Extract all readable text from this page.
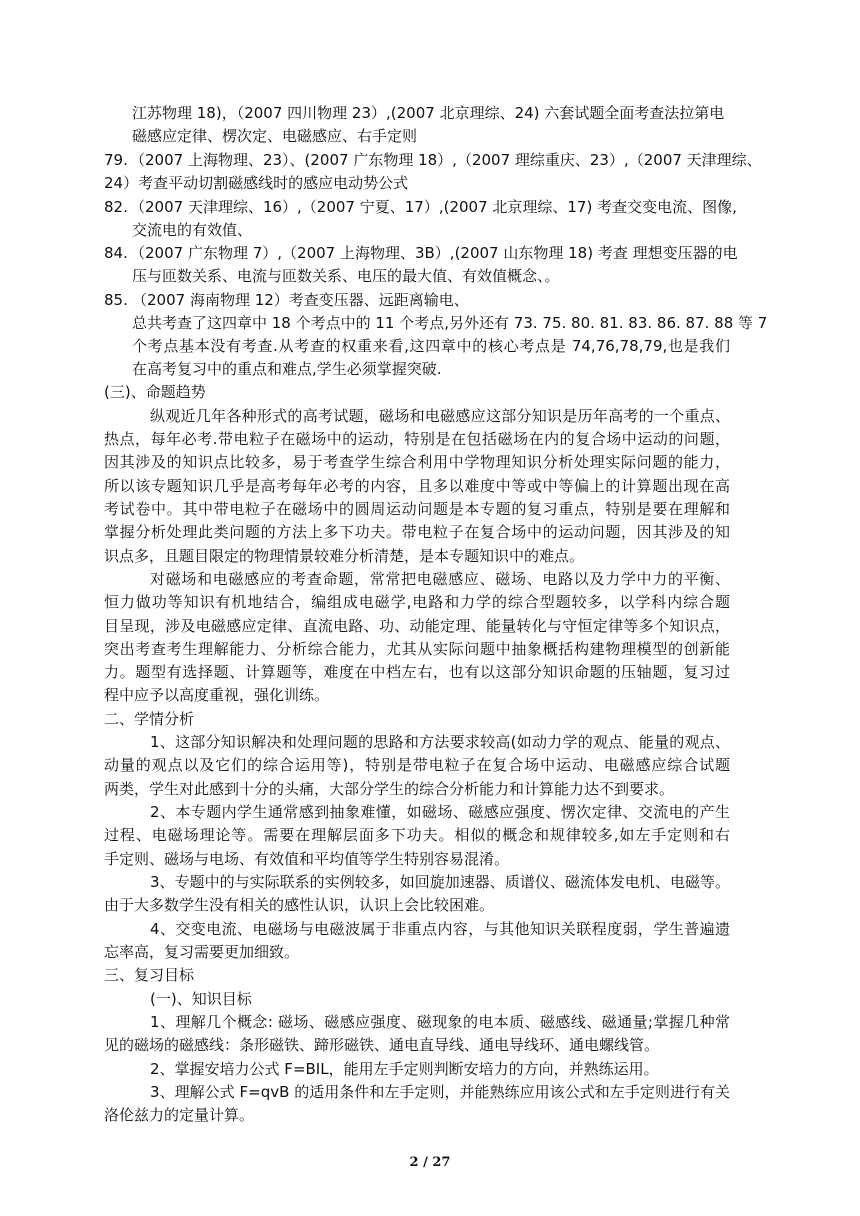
江苏物理 18)，（2007 四川物理 23）,(2007 北京理综、24) 六套试题全面考查法拉第电
磁感应定律、楞次定、电磁感应、右手定则
79. （2007 上海物理、23）、(2007 广东物理 18）,（2007 理综重庆、23）,（2007 天津理综、
24）考查平动切割磁感线时的感应电动势公式
82. （2007 天津理综、16）,（2007 宁夏、17）,(2007 北京理综、17) 考查交变电流、图像,
交流电的有效值、
84. （2007 广东物理 7）,（2007 上海物理、3B）,(2007 山东物理 18) 考查 理想变压器的电
压与匝数关系、电流与匝数关系、电压的最大值、有效值概念、。
85. （2007 海南物理 12）考查变压器、远距离输电、
总共考查了这四章中 18 个考点中的 11 个考点,另外还有 73. 75. 80. 81. 83. 86. 87. 88 等 7
个考点基本没有考查.从考查的权重来看,这四章中的核心考点是 74,76,78,79,也是我们
在高考复习中的重点和难点,学生必须掌握突破.
(三)、命题趋势
纵观近几年各种形式的高考试题，磁场和电磁感应这部分知识是历年高考的一个重点、
热点，每年必考.带电粒子在磁场中的运动，特别是在包括磁场在内的复合场中运动的问题，
因其涉及的知识点比较多，易于考查学生综合利用中学物理知识分析处理实际问题的能力，
所以该专题知识几乎是高考每年必考的内容，且多以难度中等或中等偏上的计算题出现在高
考试卷中。其中带电粒子在磁场中的圆周运动问题是本专题的复习重点，特别是要在理解和
掌握分析处理此类问题的方法上多下功夫。带电粒子在复合场中的运动问题，因其涉及的知
识点多，且题目限定的物理情景较难分析清楚，是本专题知识中的难点。
对磁场和电磁感应的考查命题，常常把电磁感应、磁场、电路以及力学中力的平衡、
恒力做功等知识有机地结合，编组成电磁学,电路和力学的综合型题较多，以学科内综合题
目呈现，涉及电磁感应定律、直流电路、功、动能定理、能量转化与守恒定律等多个知识点，
突出考查考生理解能力、分析综合能力，尤其从实际问题中抽象概括构建物理模型的创新能
力。题型有选择题、计算题等，难度在中档左右，也有以这部分知识命题的压轴题，复习过
程中应予以高度重视，强化训练。
二、学情分析
1、这部分知识解决和处理问题的思路和方法要求较高(如动力学的观点、能量的观点、
动量的观点以及它们的综合运用等)，特别是带电粒子在复合场中运动、电磁感应综合试题
两类，学生对此感到十分的头痛，大部分学生的综合分析能力和计算能力达不到要求。
2、本专题内学生通常感到抽象难懂，如磁场、磁感应强度、愣次定律、交流电的产生
过程、电磁场理论等。需要在理解层面多下功夫。相似的概念和规律较多,如左手定则和右
手定则、磁场与电场、有效值和平均值等学生特别容易混淆。
3、专题中的与实际联系的实例较多，如回旋加速器、质谱仪、磁流体发电机、电磁等。
由于大多数学生没有相关的感性认识，认识上会比较困难。
4、交变电流、电磁场与电磁波属于非重点内容，与其他知识关联程度弱，学生普遍遗
忘率高，复习需要更加细致。
三、复习目标
(一)、知识目标
1、理解几个概念: 磁场、磁感应强度、磁现象的电本质、磁感线、磁通量;掌握几种常
见的磁场的磁感线：条形磁铁、蹄形磁铁、通电直导线、通电导线环、通电螺线管。
2、掌握安培力公式 F=BIL，能用左手定则判断安培力的方向，并熟练运用。
3、理解公式 F=qvB 的适用条件和左手定则，并能熟练应用该公式和左手定则进行有关
洛伦兹力的定量计算。
2 / 27
